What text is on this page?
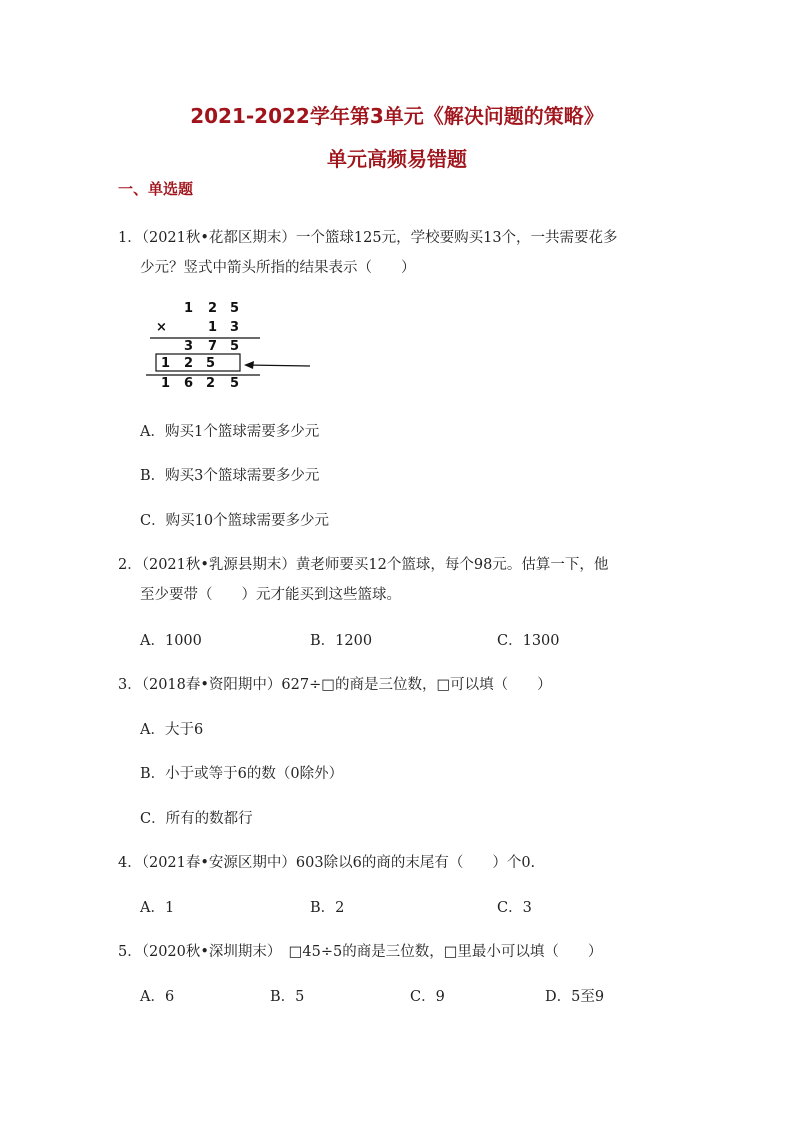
2021-2022学年第3单元《解决问题的策略》
单元高频易错题
一、单选题
1．（2021秋•花都区期末）一个篮球125元，学校要购买13个，一共需要花多
少元？竖式中箭头所指的结果表示（　　）
1 2 5
×	1 3
3 7 5
1 2 5
1 6 2 5
A．购买1个篮球需要多少元
B．购买3个篮球需要多少元
C．购买10个篮球需要多少元
2．（2021秋•乳源县期末）黄老师要买12个篮球，每个98元。估算一下，他
至少要带（　　）元才能买到这些篮球。
A．1000	B．1200	C．1300
3．（2018春•资阳期中）627÷□的商是三位数，□可以填（　　）
A．大于6
B．小于或等于6的数（0除外）
C．所有的数都行
4．（2021春•安源区期中）603除以6的商的末尾有（　　）个0.
A．1	B．2	C．3
5．（2020秋•深圳期末）　□45÷5的商是三位数，□里最小可以填（　　）
A．6	B．5	C．9	D．5至9
